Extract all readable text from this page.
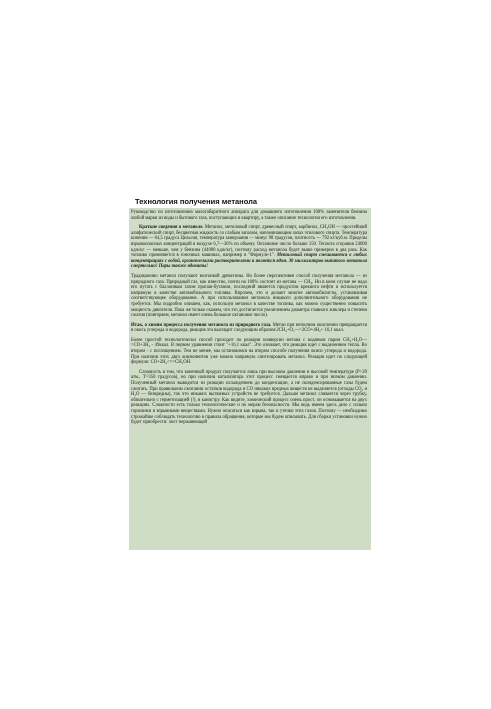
Технология получения метанола

Руководство по изготовлению малогабаритного аппарата для домашнего изготовления 100% заменителя бензина любой марки из воды и бытового газа, поступающих в квартиру, а также описание технологии его изготовления.

Краткие сведения о метаноле. Метанол, метиловый спирт, древесный спирт, карбинол, CH₃OH — простейший алифатический спирт, бесцветная жидкость со слабым запахом, напоминающим запах этилового спирта. Температура кипения — 64,5 градуса Цельсия, температура замерзания — минус 98 градусов, плотность — 792 кг/куб.м. Пределы взрывоопасных концентраций в воздухе 6,7—36% по объему. Октановое число больше 150. Теплота сгорания 24000 кдж/кг — меньше, чем у бензина (44000 кдж/кг), поэтому расход метанола будет выше примерно в два раза. Как топливо применяется в гоночных машинах, например в "Формуле-1". Метиловый спирт смешивается в любых концентрациях с водой, органическими растворителями и является ядом. 30 миллилитров выпитого метанола смертельно! Пары также ядовиты!

Традиционно метанол получают возгонкой древесины. Но более перспективен способ получения метанола — из природного газа. Природный газ, как известно, почти на 100% состоит из метана — CH₄. Ни в коем случае не надо его путать с баллонным газом пропан-бутаном, последний является продуктом крекинга нефти и используется напрямую в качестве автомобильного топлива. Впрочем, это и делают многие автомобилисты, устанавливая соответствующее оборудование. А при использовании метанола никакого дополнительного оборудования не требуется. Мы подробно опишем, как, используя метанол в качестве топлива, как можно существенно повысить мощность двигателя. Пока же только скажем, что это достигается увеличением диаметра главного жиклера и степени сжатия (повторяем, метанол имеет очень большое октановое число).

Итак, о химии процесса получения метанола из природного газа. Метан при неполном окислении превращается в окись углерода и водорода, реакция эта выглядит следующим образом:2CH₄+O₂—>2CO+4H₂+ 16,1 ккал.

Более простой технологически способ проходит по реакции конверсии метана с водяным паром CH₄+H₂O—>CO+3H₂ - 49ккал. В первом уравнении стоит "+16,1 ккал". Это означает, что реакция идет с выделением тепла. Во втором - с поглощением. Тем не менее, мы остановимся на втором способе получения окиси углерода и водорода. При наличии этих двух компонентов уже можно напрямую синтезировать метанол. Реакция идет по следующей формуле: CO+2H₂<=>CH₃OH.

Сложность в том, что конечный продукт получается лишь при высоком давлении и высокой температуре (P>20 атм., T=350 градусов), но при наличии катализатора этот процесс смещается вправо и при низком давлении. Полученный метанол выводится из реакции охлаждением до конденсации, а не сконденсированные газы будем сжигать. При правильном сжигании остатков водорода и CO никаких вредных веществ не выделяется (отходы CO₂ и H₂O — безвредны), так что никаких вытяжных устройств не требуется. Дальше метанол сливается через трубку, обязательно с герметизацией (!), в канистру. Как видите, химический процесс очень прост, он основывается на двух реакциях. Сложности есть только технологические и по мерам безопасности. Мы ведь имеем здесь дело с сильно горючими и взрывными веществами. Нужно опасаться как взрыва, так и утечки этих газов. Поэтому — необходимо строжайше соблюдать технологию в правила обращения, которые мы будем описывать. Для сборки установки нужно будет приобрести: лист нержавеющей
